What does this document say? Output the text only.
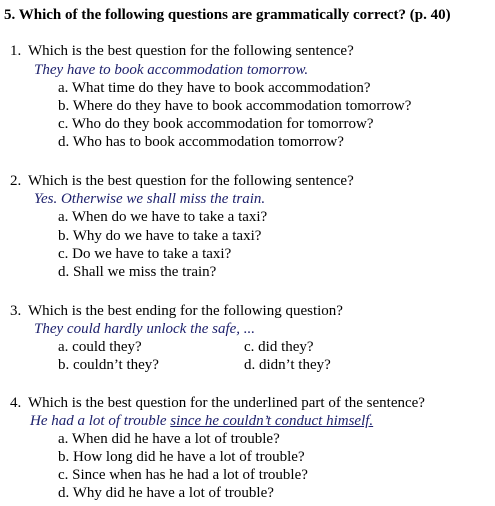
5. Which of the following questions are grammatically correct? (p. 40)
1. Which is the best question for the following sentence?
They have to book accommodation tomorrow.
a. What time do they have to book accommodation?
b. Where do they have to book accommodation tomorrow?
c. Who do they book accommodation for tomorrow?
d. Who has to book accommodation tomorrow?
2. Which is the best question for the following sentence?
Yes. Otherwise we shall miss the train.
a. When do we have to take a taxi?
b. Why do we have to take a taxi?
c. Do we have to take a taxi?
d. Shall we miss the train?
3. Which is the best ending for the following question?
They could hardly unlock the safe, ...
a. could they?
b. couldn’t they?
c. did they?
d. didn’t they?
4. Which is the best question for the underlined part of the sentence?
He had a lot of trouble since he couldn’t conduct himself.
a. When did he have a lot of trouble?
b. How long did he have a lot of trouble?
c. Since when has he had a lot of trouble?
d. Why did he have a lot of trouble?
